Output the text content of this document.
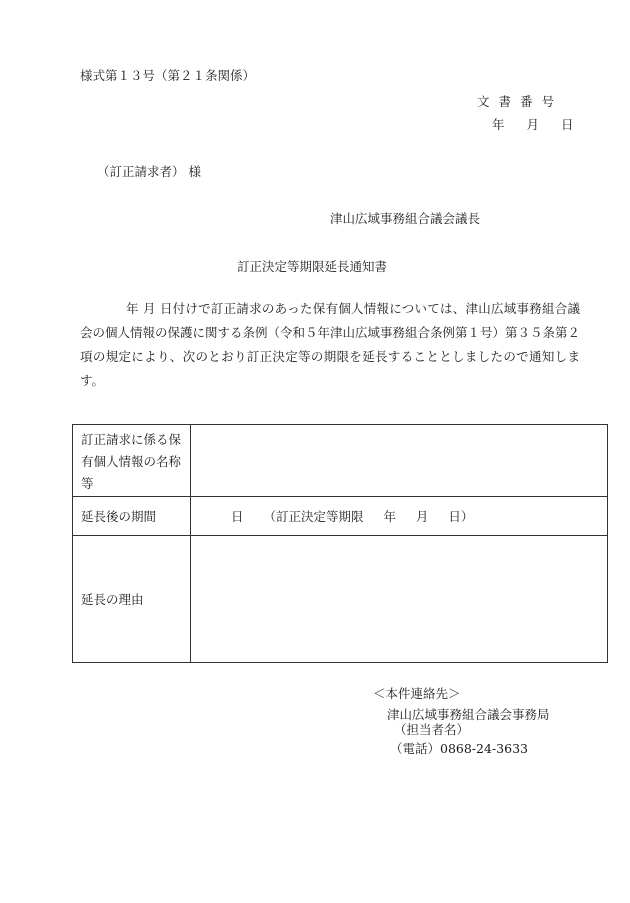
様式第１３号（第２１条関係）
文書番号
年 月 日
（訂正請求者） 様
津山広域事務組合議会議長
訂正決定等期限延長通知書
年 月 日付けで訂正請求のあった保有個人情報については、津山広域事務組合議会の個人情報の保護に関する条例（令和５年津山広域事務組合条例第１号）第３５条第２項の規定により、次のとおり訂正決定等の期限を延長することとしましたので通知します。
訂正請求に係る保有個人情報の名称等	
延長後の期間	日 （訂正決定等期限 年 月 日）
延長の理由	
＜本件連絡先＞
津山広域事務組合議会事務局
（担当者名）
（電話）0868-24-3633
